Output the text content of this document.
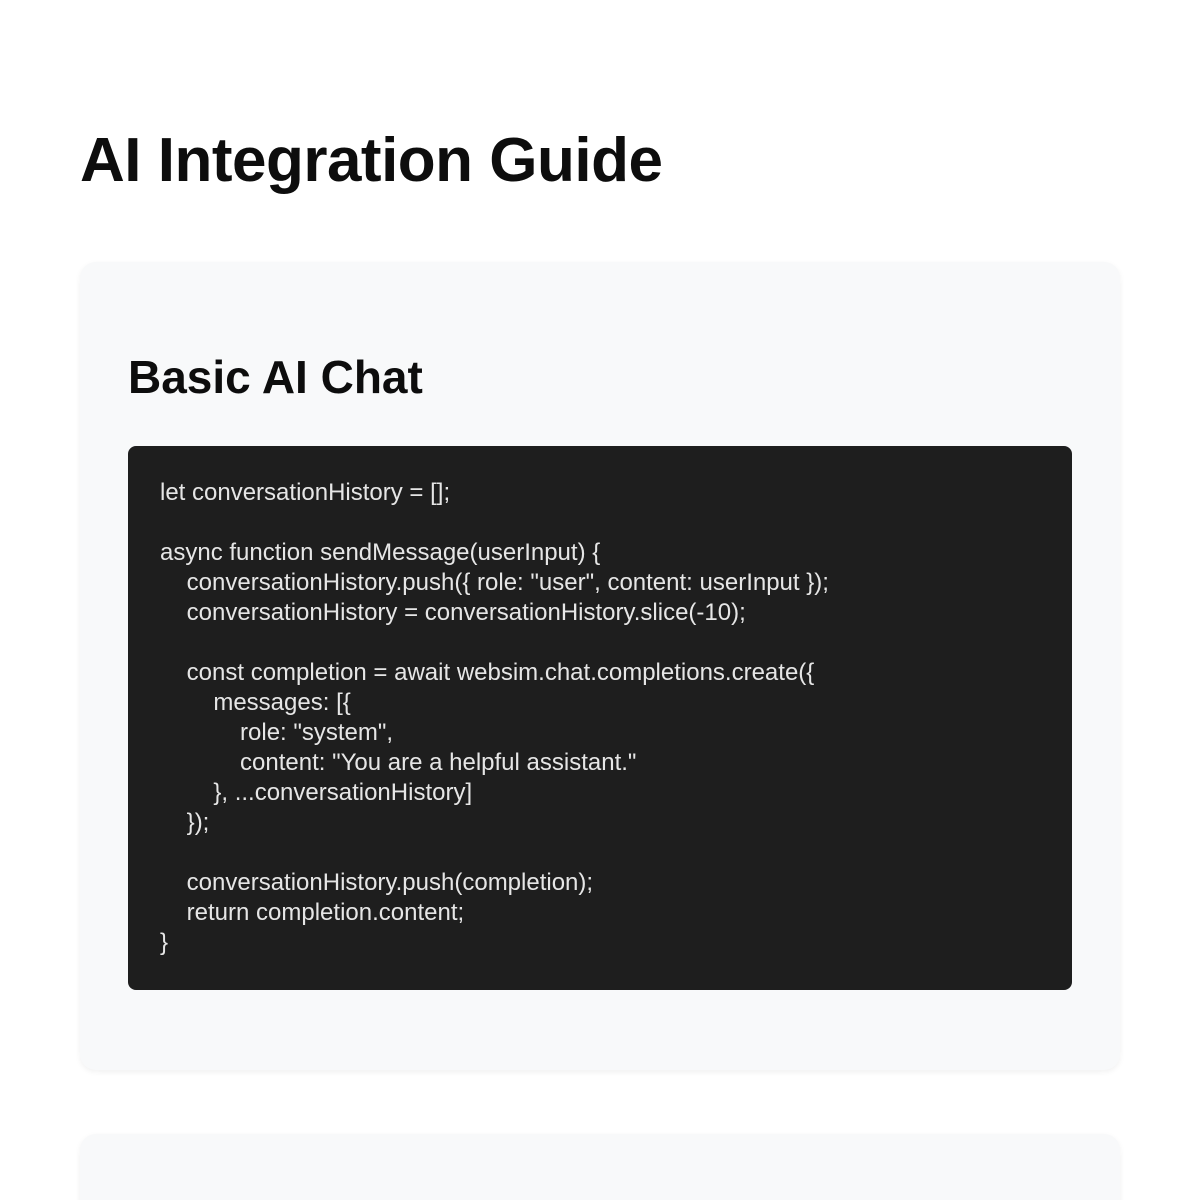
AI Integration Guide
Basic AI Chat
let conversationHistory = [];

async function sendMessage(userInput) {
conversationHistory.push({ role: "user", content: userInput });
conversationHistory = conversationHistory.slice(-10);

const completion = await websim.chat.completions.create({
messages: [{
role: "system",
content: "You are a helpful assistant."
}, ...conversationHistory]
});

conversationHistory.push(completion);
return completion.content;
}
